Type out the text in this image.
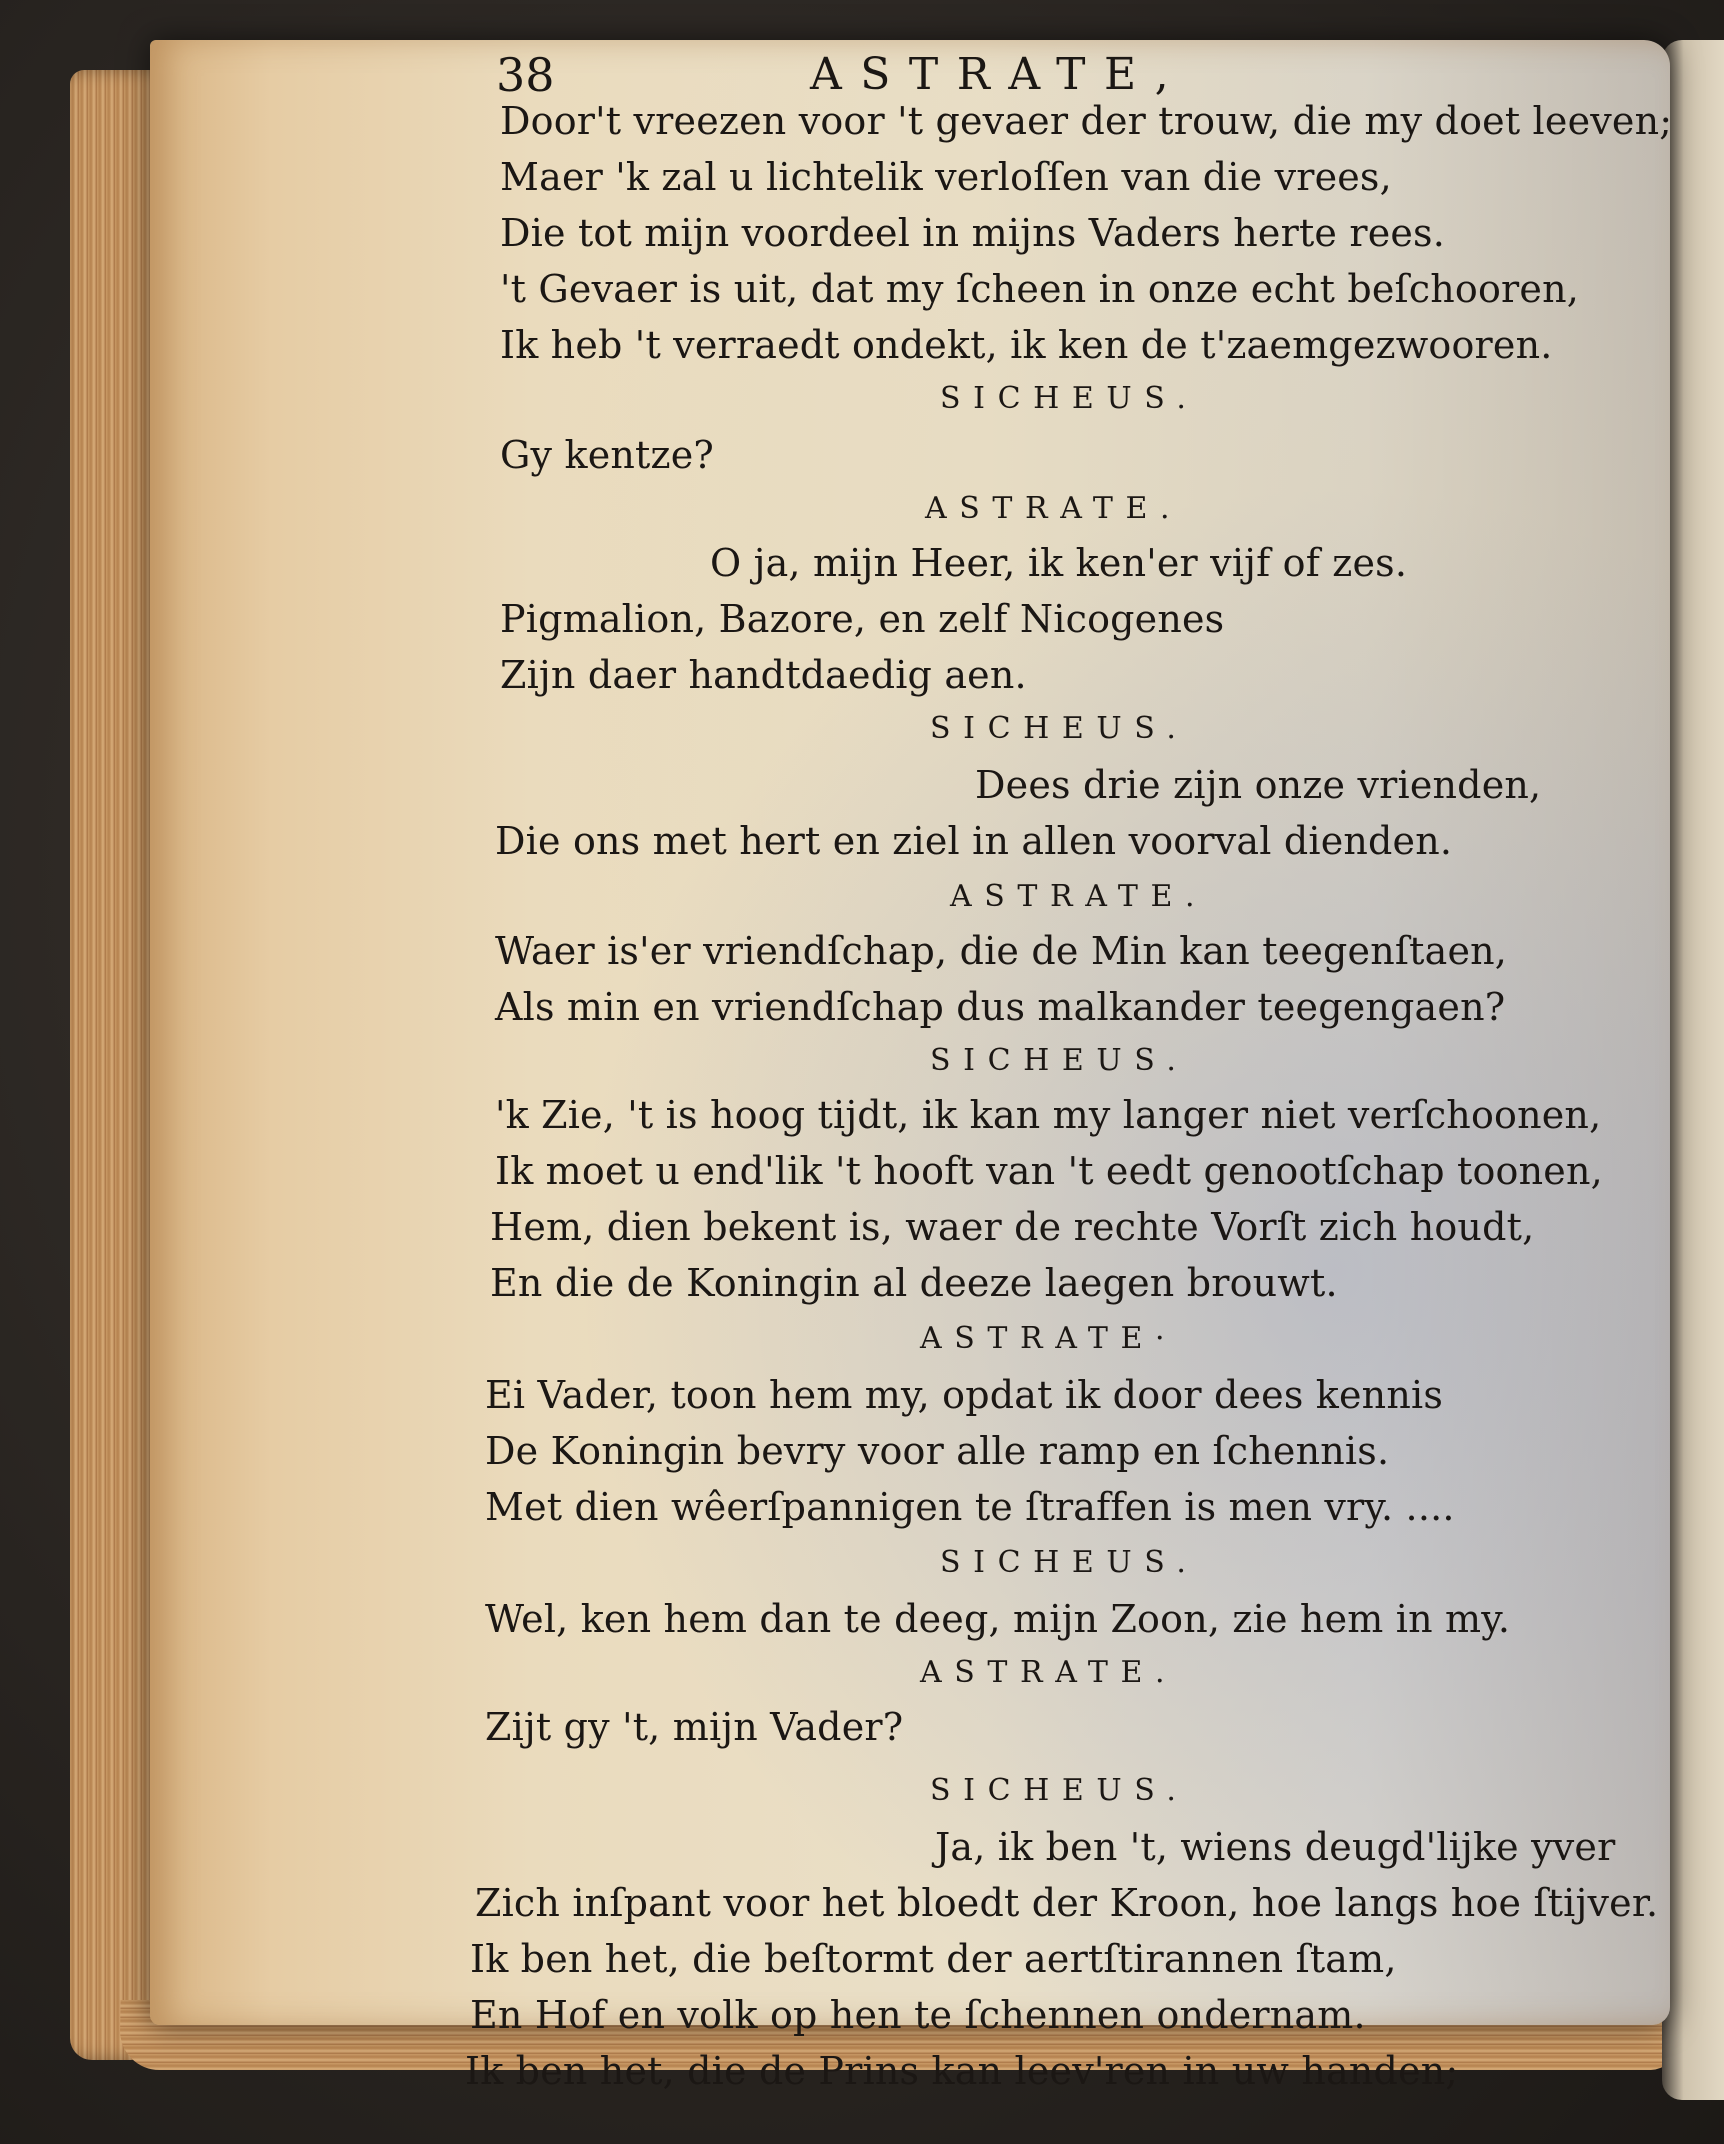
38	ASTRATE,
Door't vreezen voor 't gevaer der trouw, die my doet leeven;
Maer 'k zal u lichtelik verloſſen van die vrees,
Die tot mijn voordeel in mijns Vaders herte rees.
't Gevaer is uit, dat my ſcheen in onze echt beſchooren,
Ik heb 't verraedt ondekt, ik ken de t'zaemgezwooren.
SICHEUS.
Gy kentze?
ASTRATE.
O ja, mijn Heer, ik ken'er vijf of zes.
Pigmalion, Bazore, en zelf Nicogenes
Zijn daer handtdaedig aen.
SICHEUS.
Dees drie zijn onze vrienden,
Die ons met hert en ziel in allen voorval dienden.
ASTRATE.
Waer is'er vriendſchap, die de Min kan teegenſtaen,
Als min en vriendſchap dus malkander teegengaen?
SICHEUS.
'k Zie, 't is hoog tijdt, ik kan my langer niet verſchoonen,
Ik moet u end'lik 't hooft van 't eedt genootſchap toonen,
Hem, dien bekent is, waer de rechte Vorſt zich houdt,
En die de Koningin al deeze laegen brouwt.
ASTRATE·
Ei Vader, toon hem my, opdat ik door dees kennis
De Koningin bevry voor alle ramp en ſchennis.
Met dien wêerſpannigen te ſtraffen is men vry. ....
SICHEUS.
Wel, ken hem dan te deeg, mijn Zoon, zie hem in my.
ASTRATE.
Zijt gy 't, mijn Vader?
SICHEUS.
Ja, ik ben 't, wiens deugd'lijke yver
Zich inſpant voor het bloedt der Kroon, hoe langs hoe ſtijver.
Ik ben het, die beſtormt der aertſtirannen ſtam,
En Hof en volk op hen te ſchennen ondernam.
Ik ben het, die de Prins kan leev'ren in uw handen;
